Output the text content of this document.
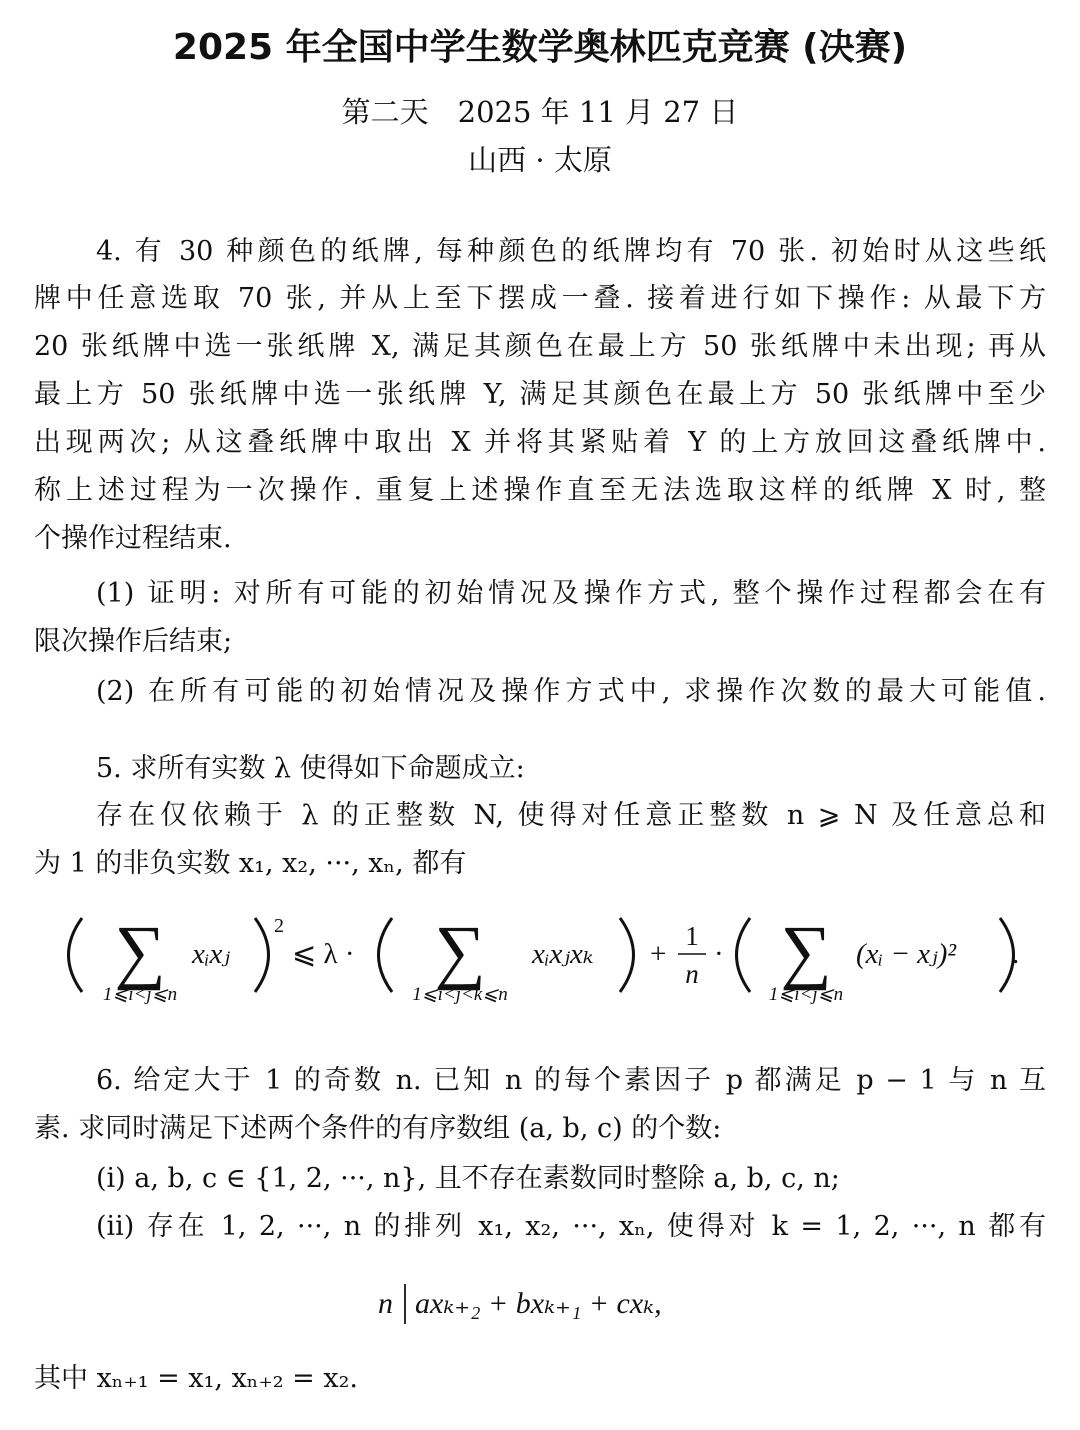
2025 年全国中学生数学奥林匹克竞赛 (决赛)
第二天　2025 年 11 月 27 日
山西 · 太原
4. 有 30 种颜色的纸牌, 每种颜色的纸牌均有 70 张. 初始时从这些纸
牌中任意选取 70 张, 并从上至下摆成一叠. 接着进行如下操作: 从最下方
20 张纸牌中选一张纸牌 X, 满足其颜色在最上方 50 张纸牌中未出现; 再从
最上方 50 张纸牌中选一张纸牌 Y, 满足其颜色在最上方 50 张纸牌中至少
出现两次; 从这叠纸牌中取出 X 并将其紧贴着 Y 的上方放回这叠纸牌中.
称上述过程为一次操作. 重复上述操作直至无法选取这样的纸牌 X 时, 整
个操作过程结束.
(1) 证明: 对所有可能的初始情况及操作方式, 整个操作过程都会在有
限次操作后结束;
(2) 在所有可能的初始情况及操作方式中, 求操作次数的最大可能值.
5. 求所有实数 λ 使得如下命题成立:
存在仅依赖于 λ 的正整数 N, 使得对任意正整数 n ⩾ N 及任意总和
为 1 的非负实数 x₁, x₂, ···, xₙ, 都有
6. 给定大于 1 的奇数 n. 已知 n 的每个素因子 p 都满足 p − 1 与 n 互
素. 求同时满足下述两个条件的有序数组 (a, b, c) 的个数:
(i) a, b, c ∈ {1, 2, ···, n}, 且不存在素数同时整除 a, b, c, n;
(ii) 存在 1, 2, ···, n 的排列 x₁, x₂, ···, xₙ, 使得对 k = 1, 2, ···, n 都有
其中 xₙ₊₁ = x₁, xₙ₊₂ = x₂.
∑
1⩽i<j⩽n
xᵢxⱼ
2
⩽ λ · ∑
1⩽i<j<k⩽n
xᵢxⱼxₖ +
1
n
· ∑
1⩽i<j⩽n
(xᵢ − xⱼ)² .
n axₖ₊₂ + bxₖ₊₁ + cxₖ,
